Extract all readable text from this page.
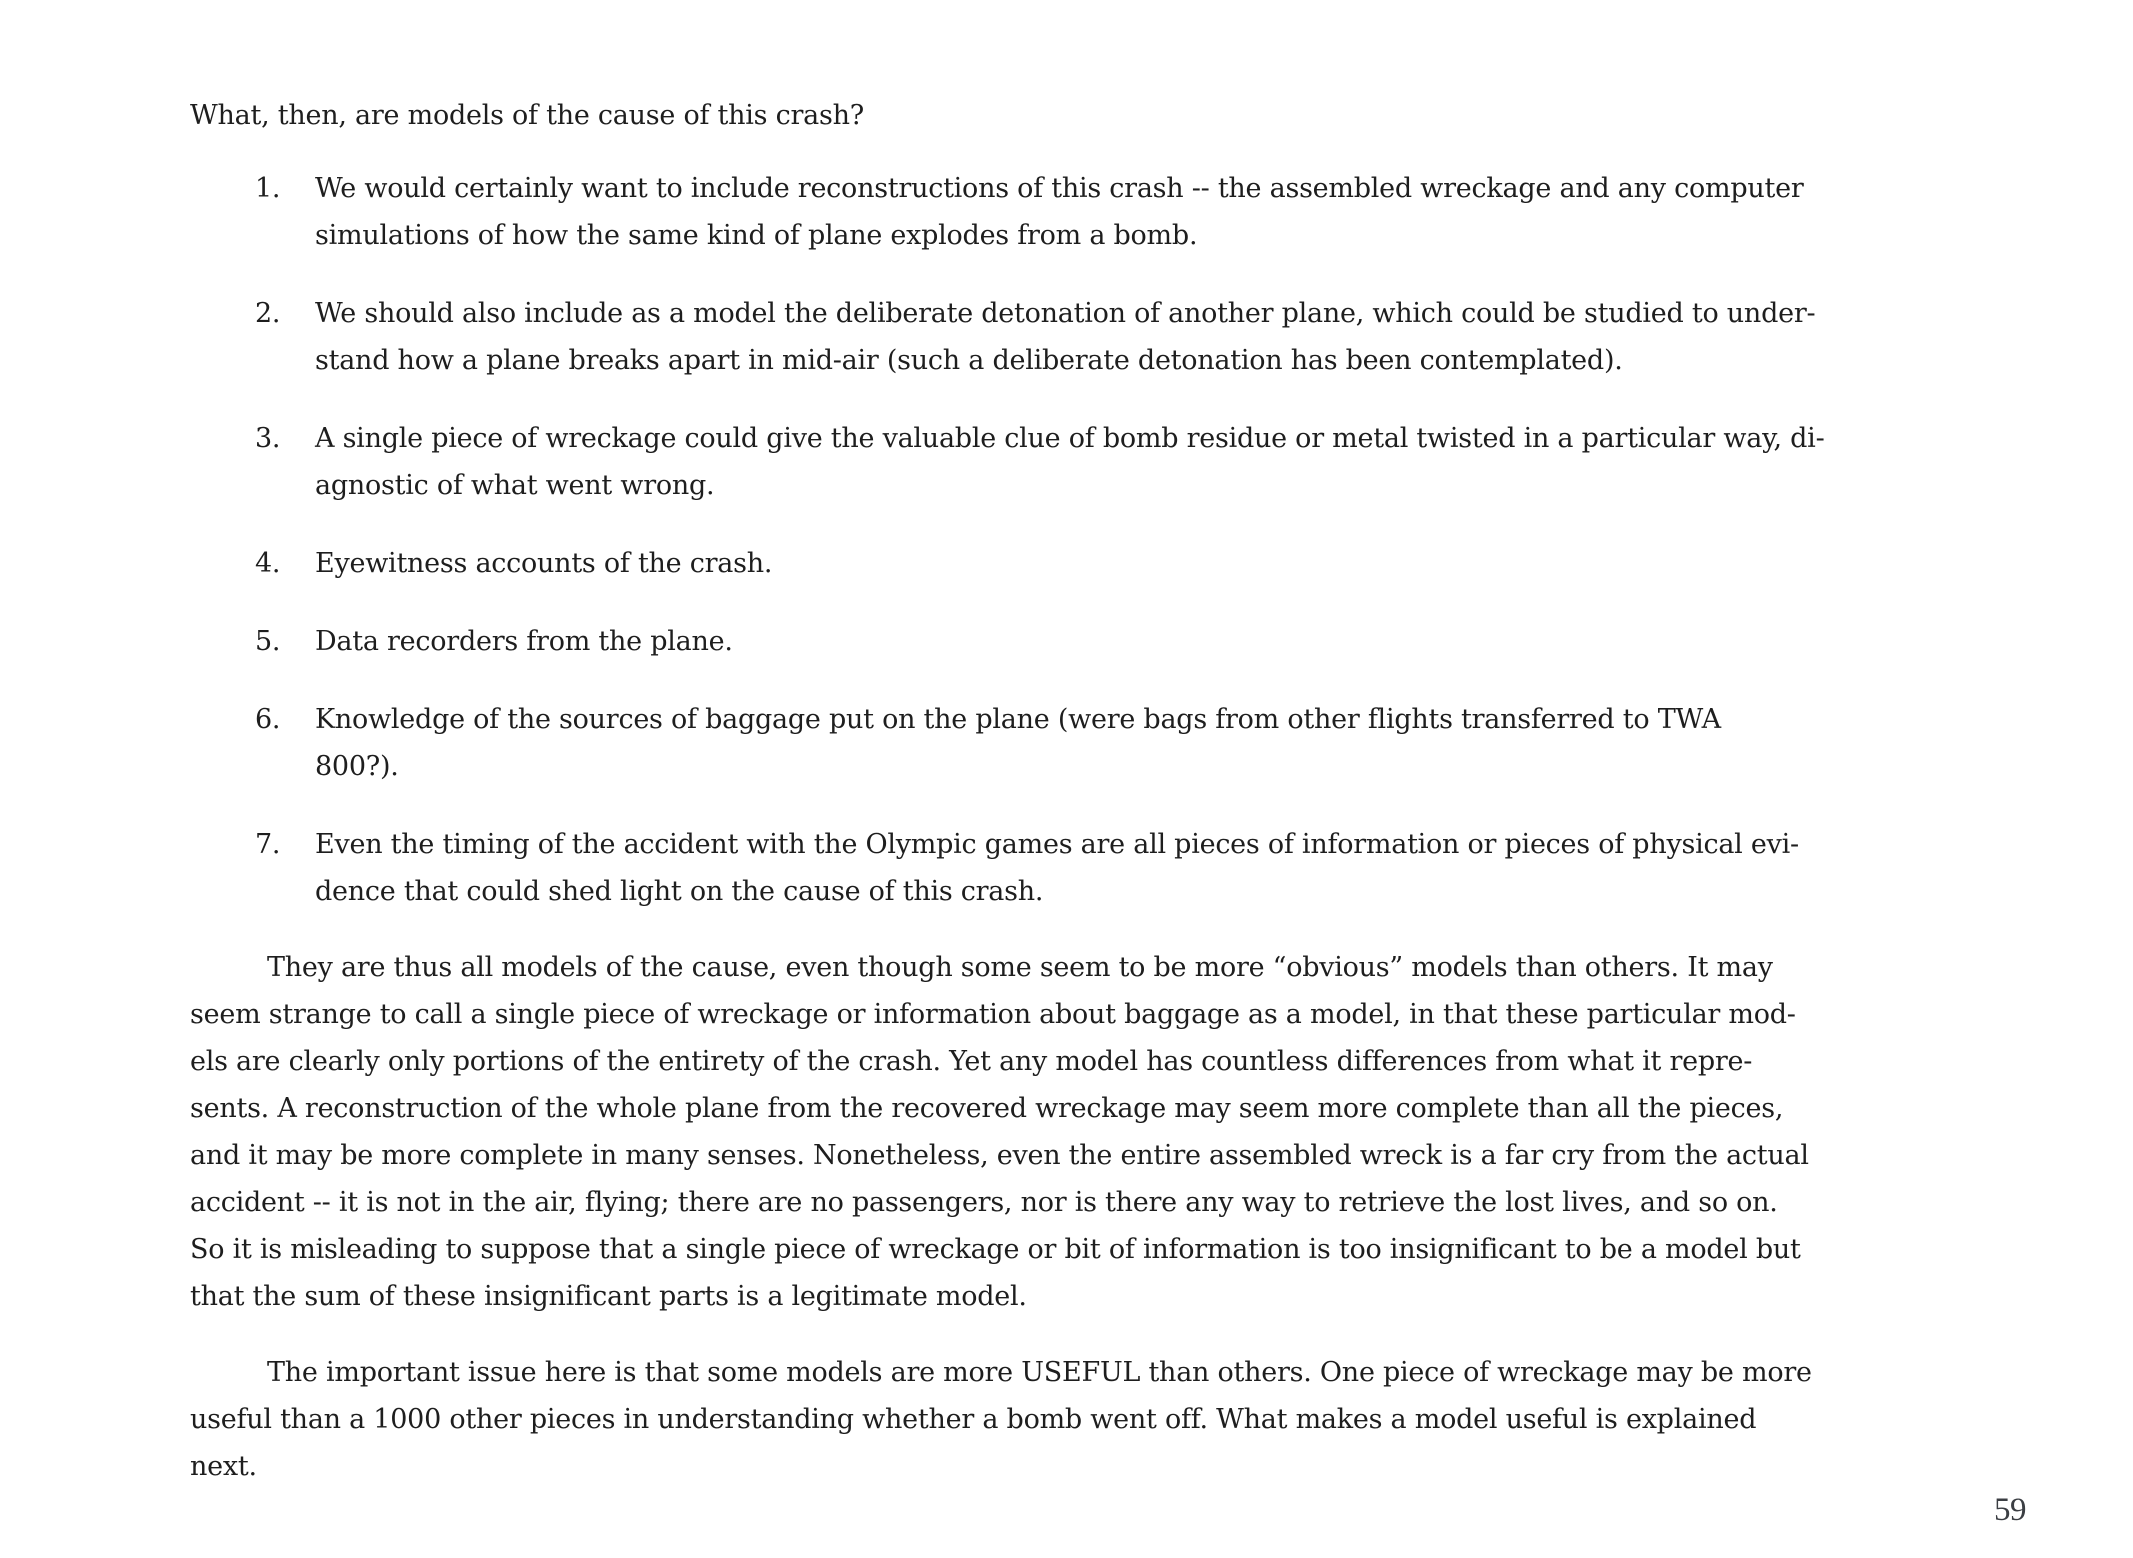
What, then, are models of the cause of this crash?
1.	We would certainly want to include reconstructions of this crash -- the assembled wreckage and any computer
simulations of how the same kind of plane explodes from a bomb.
2.	We should also include as a model the deliberate detonation of another plane, which could be studied to under-
stand how a plane breaks apart in mid-air (such a deliberate detonation has been contemplated).
3.	A single piece of wreckage could give the valuable clue of bomb residue or metal twisted in a particular way, di-
agnostic of what went wrong.
4.	Eyewitness accounts of the crash.
5.	Data recorders from the plane.
6.	Knowledge of the sources of baggage put on the plane (were bags from other flights transferred to TWA
800?).
7.	Even the timing of the accident with the Olympic games are all pieces of information or pieces of physical evi-
dence that could shed light on the cause of this crash.
They are thus all models of the cause, even though some seem to be more “obvious” models than others. It may
seem strange to call a single piece of wreckage or information about baggage as a model, in that these particular mod-
els are clearly only portions of the entirety of the crash. Yet any model has countless differences from what it repre-
sents. A reconstruction of the whole plane from the recovered wreckage may seem more complete than all the pieces,
and it may be more complete in many senses. Nonetheless, even the entire assembled wreck is a far cry from the actual
accident -- it is not in the air, flying; there are no passengers, nor is there any way to retrieve the lost lives, and so on.
So it is misleading to suppose that a single piece of wreckage or bit of information is too insignificant to be a model but
that the sum of these insignificant parts is a legitimate model.
The important issue here is that some models are more USEFUL than others. One piece of wreckage may be more
useful than a 1000 other pieces in understanding whether a bomb went off. What makes a model useful is explained
next.
59
